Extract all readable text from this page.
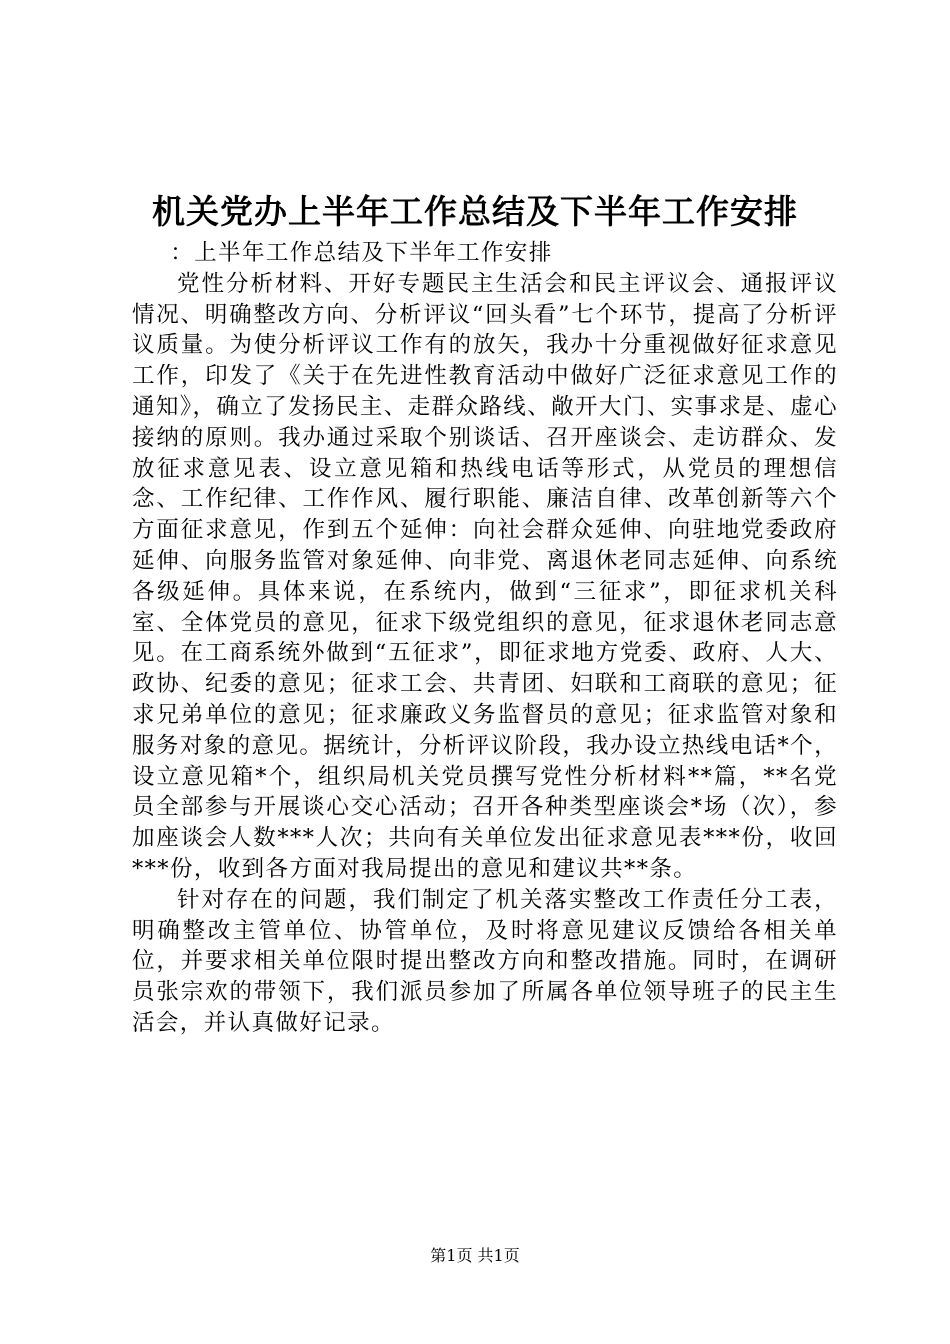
机关党办上半年工作总结及下半年工作安排

：上半年工作总结及下半年工作安排

党性分析材料、开好专题民主生活会和民主评议会、通报评议情况、明确整改方向、分析评议“回头看”七个环节，提高了分析评议质量。为使分析评议工作有的放矢，我办十分重视做好征求意见工作，印发了《关于在先进性教育活动中做好广泛征求意见工作的通知》，确立了发扬民主、走群众路线、敞开大门、实事求是、虚心接纳的原则。我办通过采取个别谈话、召开座谈会、走访群众、发放征求意见表、设立意见箱和热线电话等形式，从党员的理想信念、工作纪律、工作作风、履行职能、廉洁自律、改革创新等六个方面征求意见，作到五个延伸：向社会群众延伸、向驻地党委政府延伸、向服务监管对象延伸、向非党、离退休老同志延伸、向系统各级延伸。具体来说，在系统内，做到“三征求”，即征求机关科室、全体党员的意见，征求下级党组织的意见，征求退休老同志意见。在工商系统外做到“五征求”，即征求地方党委、政府、人大、政协、纪委的意见；征求工会、共青团、妇联和工商联的意见；征求兄弟单位的意见；征求廉政义务监督员的意见；征求监管对象和服务对象的意见。据统计，分析评议阶段，我办设立热线电话*个，设立意见箱*个，组织局机关党员撰写党性分析材料**篇，**名党员全部参与开展谈心交心活动；召开各种类型座谈会*场（次），参加座谈会人数***人次；共向有关单位发出征求意见表***份，收回***份，收到各方面对我局提出的意见和建议共**条。

针对存在的问题，我们制定了机关落实整改工作责任分工表，明确整改主管单位、协管单位，及时将意见建议反馈给各相关单位，并要求相关单位限时提出整改方向和整改措施。同时，在调研员张宗欢的带领下，我们派员参加了所属各单位领导班子的民主生活会，并认真做好记录。

第1页 共1页
